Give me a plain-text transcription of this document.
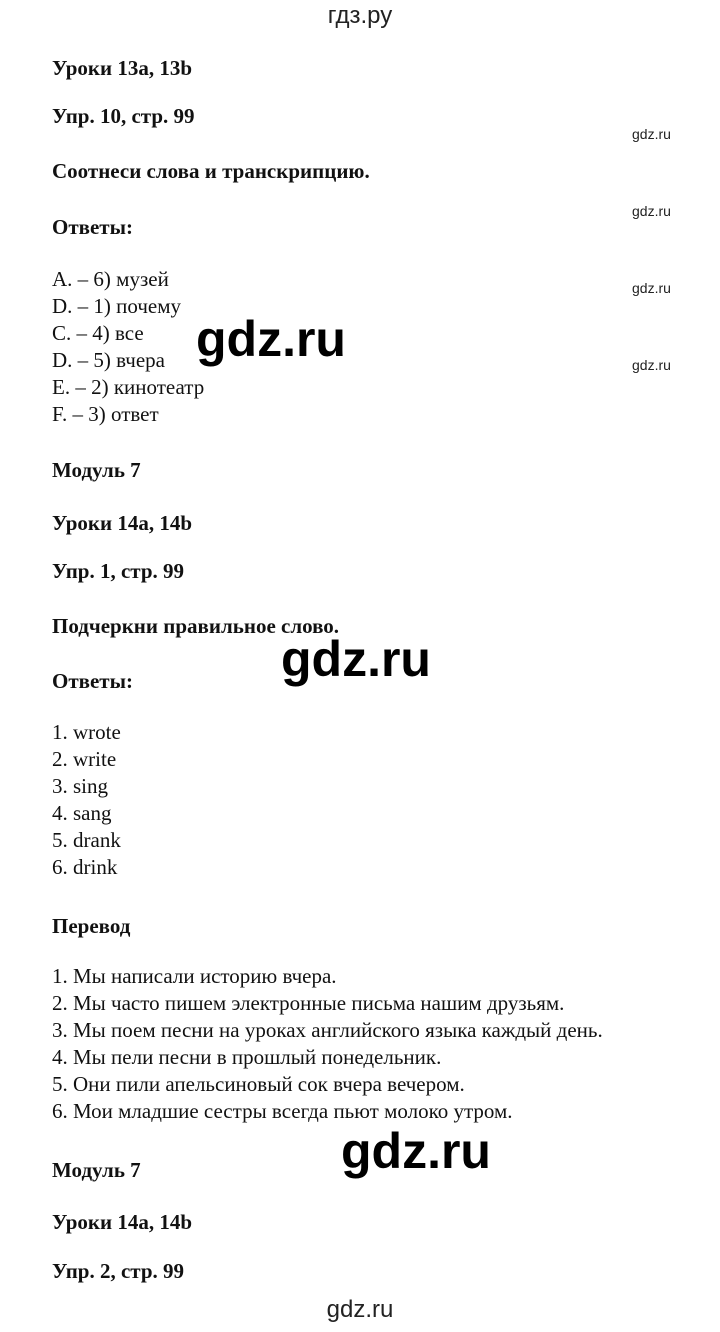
гдз.ру
Уроки 13a, 13b
Упр. 10, стр. 99
Соотнеси слова и транскрипцию.
Ответы:
A. – 6) музей
D. – 1) почему
C. – 4) все
D. – 5) вчера
E. – 2) кинотеатр
F. – 3) ответ
Модуль 7
Уроки 14a, 14b
Упр. 1, стр. 99
Подчеркни правильное слово.
Ответы:
1. wrote
2. write
3. sing
4. sang
5. drank
6. drink
Перевод
1. Мы написали историю вчера.
2. Мы часто пишем электронные письма нашим друзьям.
3. Мы поем песни на уроках английского языка каждый день.
4. Мы пели песни в прошлый понедельник.
5. Они пили апельсиновый сок вчера вечером.
6. Мои младшие сестры всегда пьют молоко утром.
Модуль 7
Уроки 14a, 14b
Упр. 2, стр. 99
gdz.ru
gdz.ru
gdz.ru
gdz.ru
gdz.ru
gdz.ru
gdz.ru
gdz.ru
